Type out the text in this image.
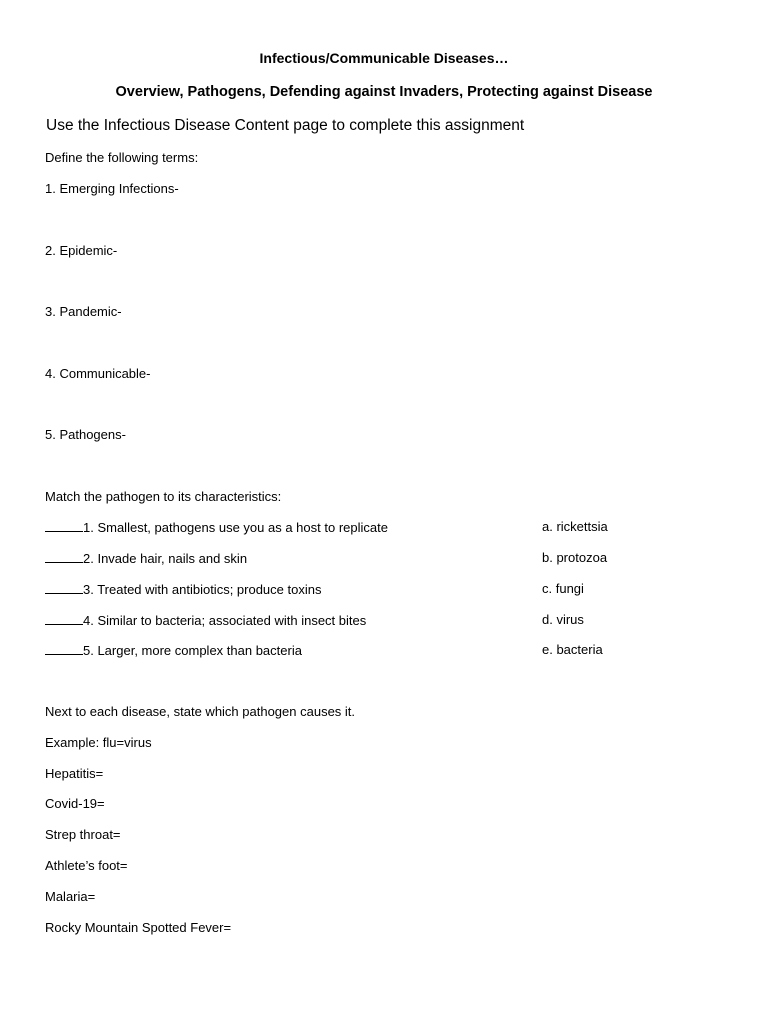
Infectious/Communicable Diseases…
Overview, Pathogens, Defending against Invaders, Protecting against Disease
Use the Infectious Disease Content page to complete this assignment
Define the following terms:
1. Emerging Infections-
2. Epidemic-
3. Pandemic-
4. Communicable-
5. Pathogens-
Match the pathogen to its characteristics:
1. Smallest, pathogens use you as a host to replicate	a. rickettsia
2. Invade hair, nails and skin	b. protozoa
3. Treated with antibiotics; produce toxins	c. fungi
4. Similar to bacteria; associated with insect bites	d. virus
5. Larger, more complex than bacteria	e. bacteria
Next to each disease, state which pathogen causes it.
Example: flu=virus
Hepatitis=
Covid-19=
Strep throat=
Athlete’s foot=
Malaria=
Rocky Mountain Spotted Fever=
